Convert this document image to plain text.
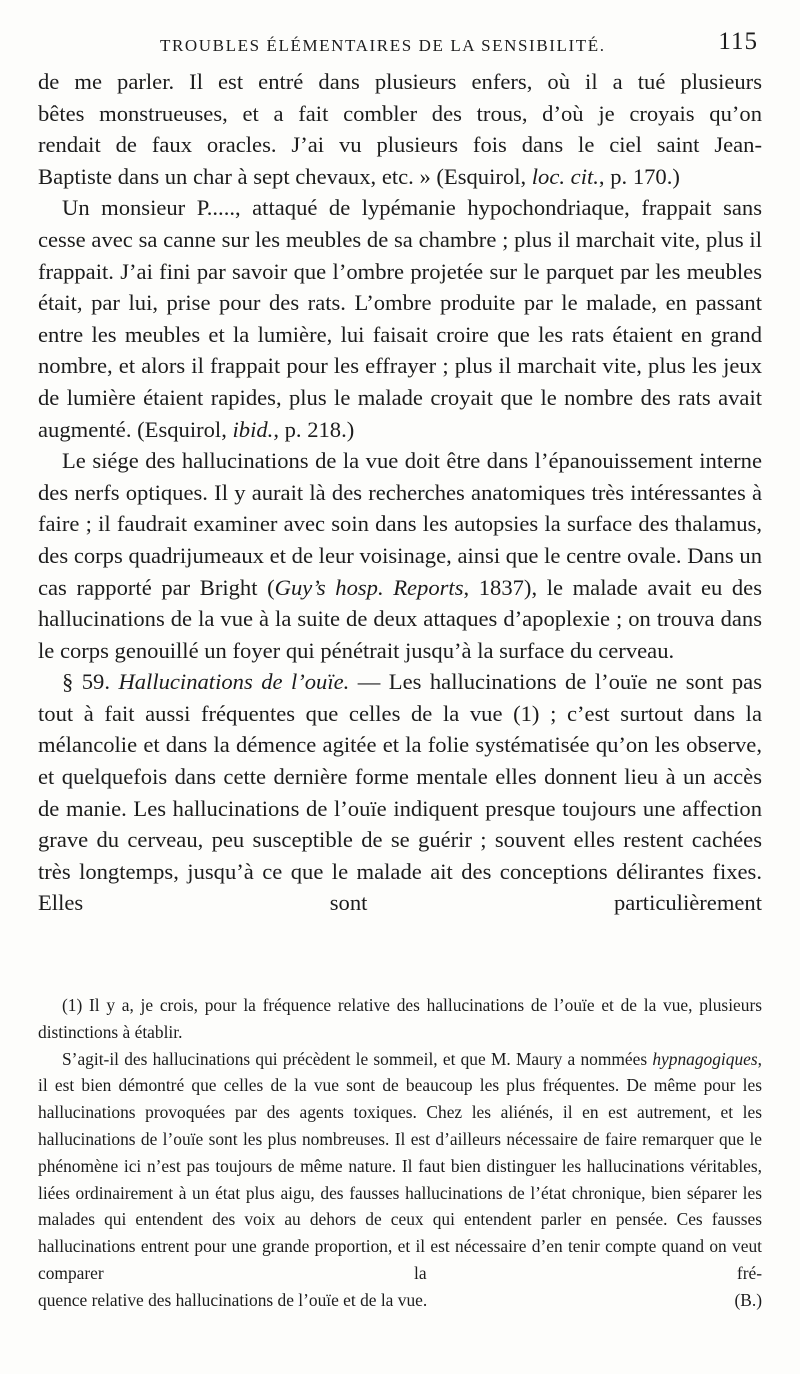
TROUBLES ÉLÉMENTAIRES DE LA SENSIBILITÉ.	115

de me parler. Il est entré dans plusieurs enfers, où il a tué plusieurs

bêtes monstrueuses, et a fait combler des trous, d’où je croyais qu’on

rendait de faux oracles. J’ai vu plusieurs fois dans le ciel saint Jean-

Baptiste dans un char à sept chevaux, etc. » (Esquirol, loc. cit., p. 170.)

Un monsieur P....., attaqué de lypémanie hypochondriaque, frappait sans cesse avec sa canne sur les meubles de sa chambre ; plus il marchait vite, plus il frappait. J’ai fini par savoir que l’ombre projetée sur le parquet par les meubles était, par lui, prise pour des rats. L’ombre produite par le malade, en passant entre les meubles et la lumière, lui faisait croire que les rats étaient en grand nombre, et alors il frappait pour les effrayer ; plus il marchait vite, plus les jeux de lumière étaient rapides, plus le malade croyait que le nombre des rats avait augmenté. (Esquirol, ibid., p. 218.)

Le siége des hallucinations de la vue doit être dans l’épanouissement interne des nerfs optiques. Il y aurait là des recherches anatomiques très intéressantes à faire ; il faudrait examiner avec soin dans les autopsies la surface des thalamus, des corps quadrijumeaux et de leur voisinage, ainsi que le centre ovale. Dans un cas rapporté par Bright (Guy’s hosp. Reports, 1837), le malade avait eu des hallucinations de la vue à la suite de deux attaques d’apoplexie ; on trouva dans le corps genouillé un foyer qui pénétrait jusqu’à la surface du cerveau.

§ 59. Hallucinations de l’ouïe. — Les hallucinations de l’ouïe ne sont pas tout à fait aussi fréquentes que celles de la vue (1) ; c’est surtout dans la mélancolie et dans la démence agitée et la folie systématisée qu’on les observe, et quelquefois dans cette dernière forme mentale elles donnent lieu à un accès de manie. Les hallucinations de l’ouïe indiquent presque toujours une affection grave du cerveau, peu susceptible de se guérir ; souvent elles restent cachées très longtemps, jusqu’à ce que le malade ait des conceptions délirantes fixes. Elles sont particulièrement

(1) Il y a, je crois, pour la fréquence relative des hallucinations de l’ouïe et de la vue, plusieurs distinctions à établir.

S’agit-il des hallucinations qui précèdent le sommeil, et que M. Maury a nommées hypnagogiques, il est bien démontré que celles de la vue sont de beaucoup les plus fréquentes. De même pour les hallucinations provoquées par des agents toxiques. Chez les aliénés, il en est autrement, et les hallucinations de l’ouïe sont les plus nombreuses. Il est d’ailleurs nécessaire de faire remarquer que le phénomène ici n’est pas toujours de même nature. Il faut bien distinguer les hallucinations véritables, liées ordinairement à un état plus aigu, des fausses hallucinations de l’état chronique, bien séparer les malades qui entendent des voix au dehors de ceux qui entendent parler en pensée. Ces fausses hallucinations entrent pour une grande proportion, et il est nécessaire d’en tenir compte quand on veut comparer la fré-

quence relative des hallucinations de l’ouïe et de la vue.	(B.)
